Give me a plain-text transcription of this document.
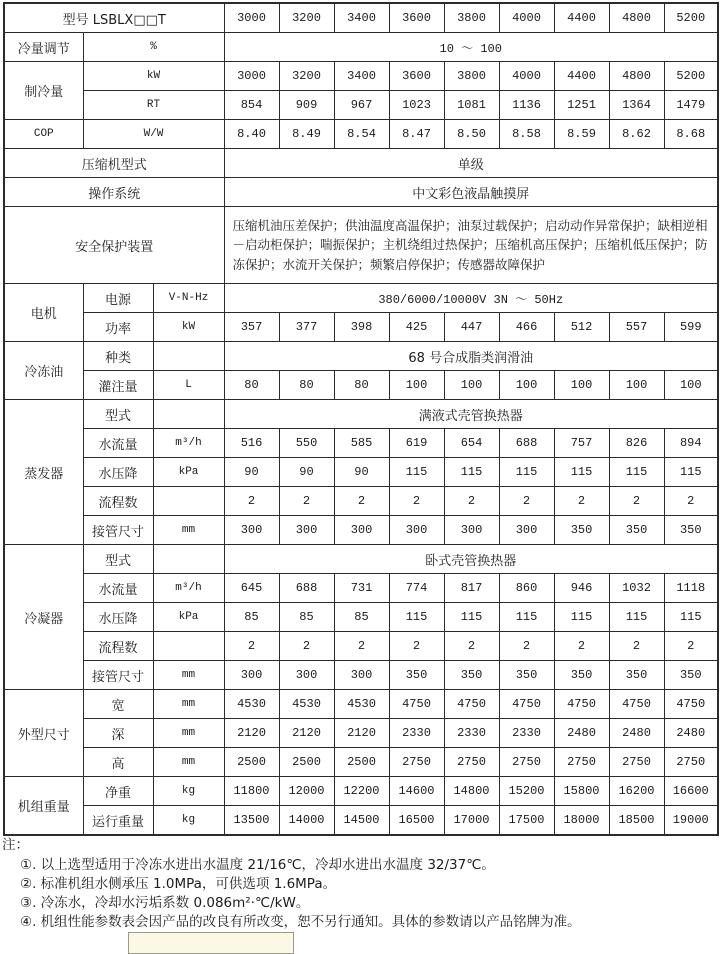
型号 LSBLX□□T			3000	3200	3400	3600	3800	4000	4400	4800	5200
冷量调节	%		10 ～ 100								
制冷量	kW		3000	3200	3400	3600	3800	4000	4400	4800	5200
	RT		854	909	967	1023	1081	1136	1251	1364	1479
COP	W/W		8.40	8.49	8.54	8.47	8.50	8.58	8.59	8.62	8.68
压缩机型式			单级								
操作系统			中文彩色液晶触摸屏								
安全保护装置			压缩机油压差保护；供油温度高温保护；油泵过载保护；启动动作异常保护；缺相逆相－启动柜保护；喘振保护；主机绕组过热保护；压缩机高压保护；压缩机低压保护；防冻保护；水流开关保护；频繁启停保护；传感器故障保护								
电机	电源	V-N-Hz	380/6000/10000V 3N ～ 50Hz								
	功率	kW	357	377	398	425	447	466	512	557	599
冷冻油	种类		68 号合成脂类润滑油								
	灌注量	L	80	80	80	100	100	100	100	100	100
蒸发器	型式		满液式壳管换热器								
	水流量	m³/h	516	550	585	619	654	688	757	826	894
	水压降	kPa	90	90	90	115	115	115	115	115	115
	流程数		2	2	2	2	2	2	2	2	2
	接管尺寸	mm	300	300	300	300	300	300	350	350	350
冷凝器	型式		卧式壳管换热器								
	水流量	m³/h	645	688	731	774	817	860	946	1032	1118
	水压降	kPa	85	85	85	115	115	115	115	115	115
	流程数		2	2	2	2	2	2	2	2	2
	接管尺寸	mm	300	300	300	350	350	350	350	350	350
外型尺寸	宽	mm	4530	4530	4530	4750	4750	4750	4750	4750	4750
	深	mm	2120	2120	2120	2330	2330	2330	2480	2480	2480
	高	mm	2500	2500	2500	2750	2750	2750	2750	2750	2750
机组重量	净重	kg	11800	12000	12200	14600	14800	15200	15800	16200	16600
	运行重量	kg	13500	14000	14500	16500	17000	17500	18000	18500	19000
注：
①. 以上选型适用于冷冻水进出水温度 21/16℃，冷却水进出水温度 32/37℃。
②. 标准机组水侧承压 1.0MPa，可供选项 1.6MPa。
③. 冷冻水，冷却水污垢系数 0.086m²·℃/kW。
④. 机组性能参数表会因产品的改良有所改变，恕不另行通知。具体的参数请以产品铭牌为准。
